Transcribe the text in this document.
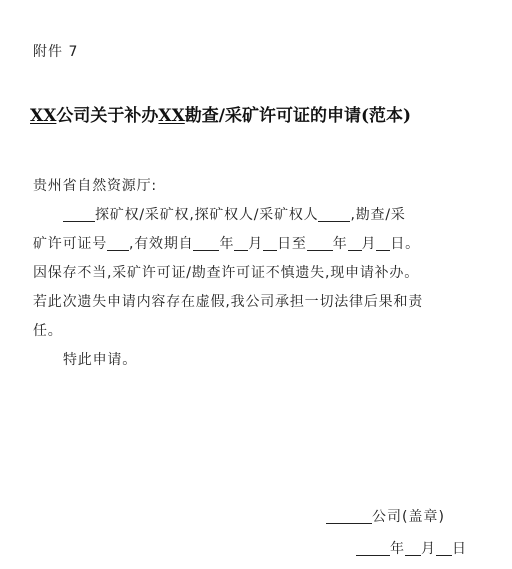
附件 7
XX公司关于补办XX勘查/采矿许可证的申请(范本)
贵州省自然资源厅:
探矿权/采矿权,探矿权人/采矿权人 ,勘查/采
矿许可证号 ,有效期自 年 月 日至 年 月 日。
因保存不当,采矿许可证/勘查许可证不慎遗失,现申请补办。
若此次遗失申请内容存在虚假,我公司承担一切法律后果和责
任。
特此申请。
公司(盖章)
年 月 日
